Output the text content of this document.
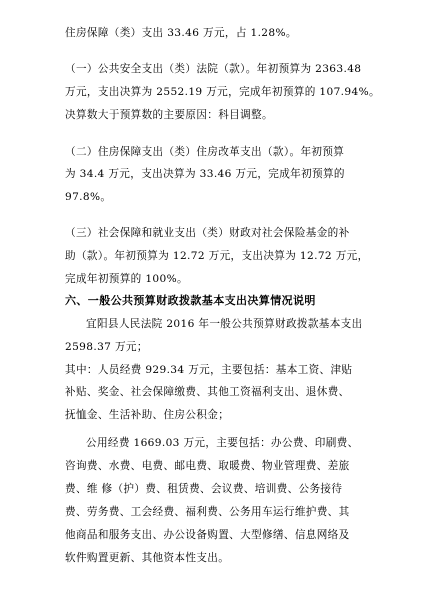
住房保障（类）支出 33.46 万元，占 1.28%。
（一）公共安全支出（类）法院（款）。年初预算为 2363.48
万元，支出决算为 2552.19 万元，完成年初预算的 107.94%。
决算数大于预算数的主要原因：科目调整。
（二）住房保障支出（类）住房改革支出（款）。年初预算
为 34.4 万元，支出决算为 33.46 万元，完成年初预算的
97.8%。
（三）社会保障和就业支出（类）财政对社会保险基金的补
助（款）。年初预算为 12.72 万元，支出决算为 12.72 万元，
完成年初预算的 100%。
六、一般公共预算财政拨款基本支出决算情况说明
宜阳县人民法院 2016 年一般公共预算财政拨款基本支出
2598.37 万元；
其中：人员经费 929.34 万元，主要包括：基本工资、津贴
补贴、奖金、社会保障缴费、其他工资福利支出、退休费、
抚恤金、生活补助、住房公积金；
公用经费 1669.03 万元，主要包括：办公费、印刷费、
咨询费、水费、电费、邮电费、取暖费、物业管理费、差旅
费、维 修（护）费、租赁费、会议费、培训费、公务接待
费、劳务费、工会经费、福利费、公务用车运行维护费、其
他商品和服务支出、办公设备购置、大型修缮、信息网络及
软件购置更新、其他资本性支出。
